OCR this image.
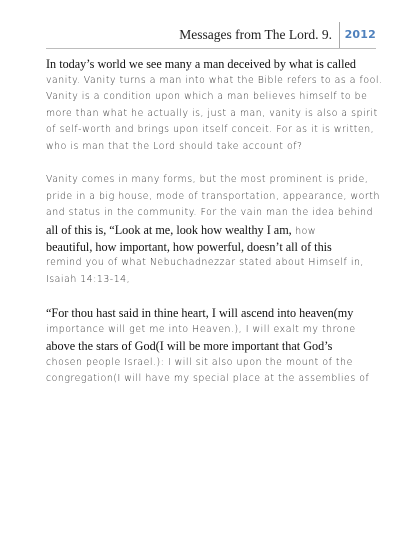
Messages from The Lord. 9. 2012
In today’s world we see many a man deceived by what is called
vanity. Vanity turns a man into what the Bible refers to as a fool.
Vanity is a condition upon which a man believes himself to be
more than what he actually is, just a man, vanity is also a spirit
of self-worth and brings upon itself conceit. For as it is written,
who is man that the Lord should take account of?
Vanity comes in many forms, but the most prominent is pride,
pride in a big house, mode of transportation, appearance, worth
and status in the community. For the vain man the idea behind
all of this is, “Look at me, look how wealthy I am, how
beautiful, how important, how powerful, doesn’t all of this
remind you of what Nebuchadnezzar stated about Himself in,
Isaiah 14:13-14,
“For thou hast said in thine heart, I will ascend into heaven(my
importance will get me into Heaven.), I will exalt my throne
above the stars of God(I will be more important that God’s
chosen people Israel.): I will sit also upon the mount of the
congregation(I will have my special place at the assemblies of
